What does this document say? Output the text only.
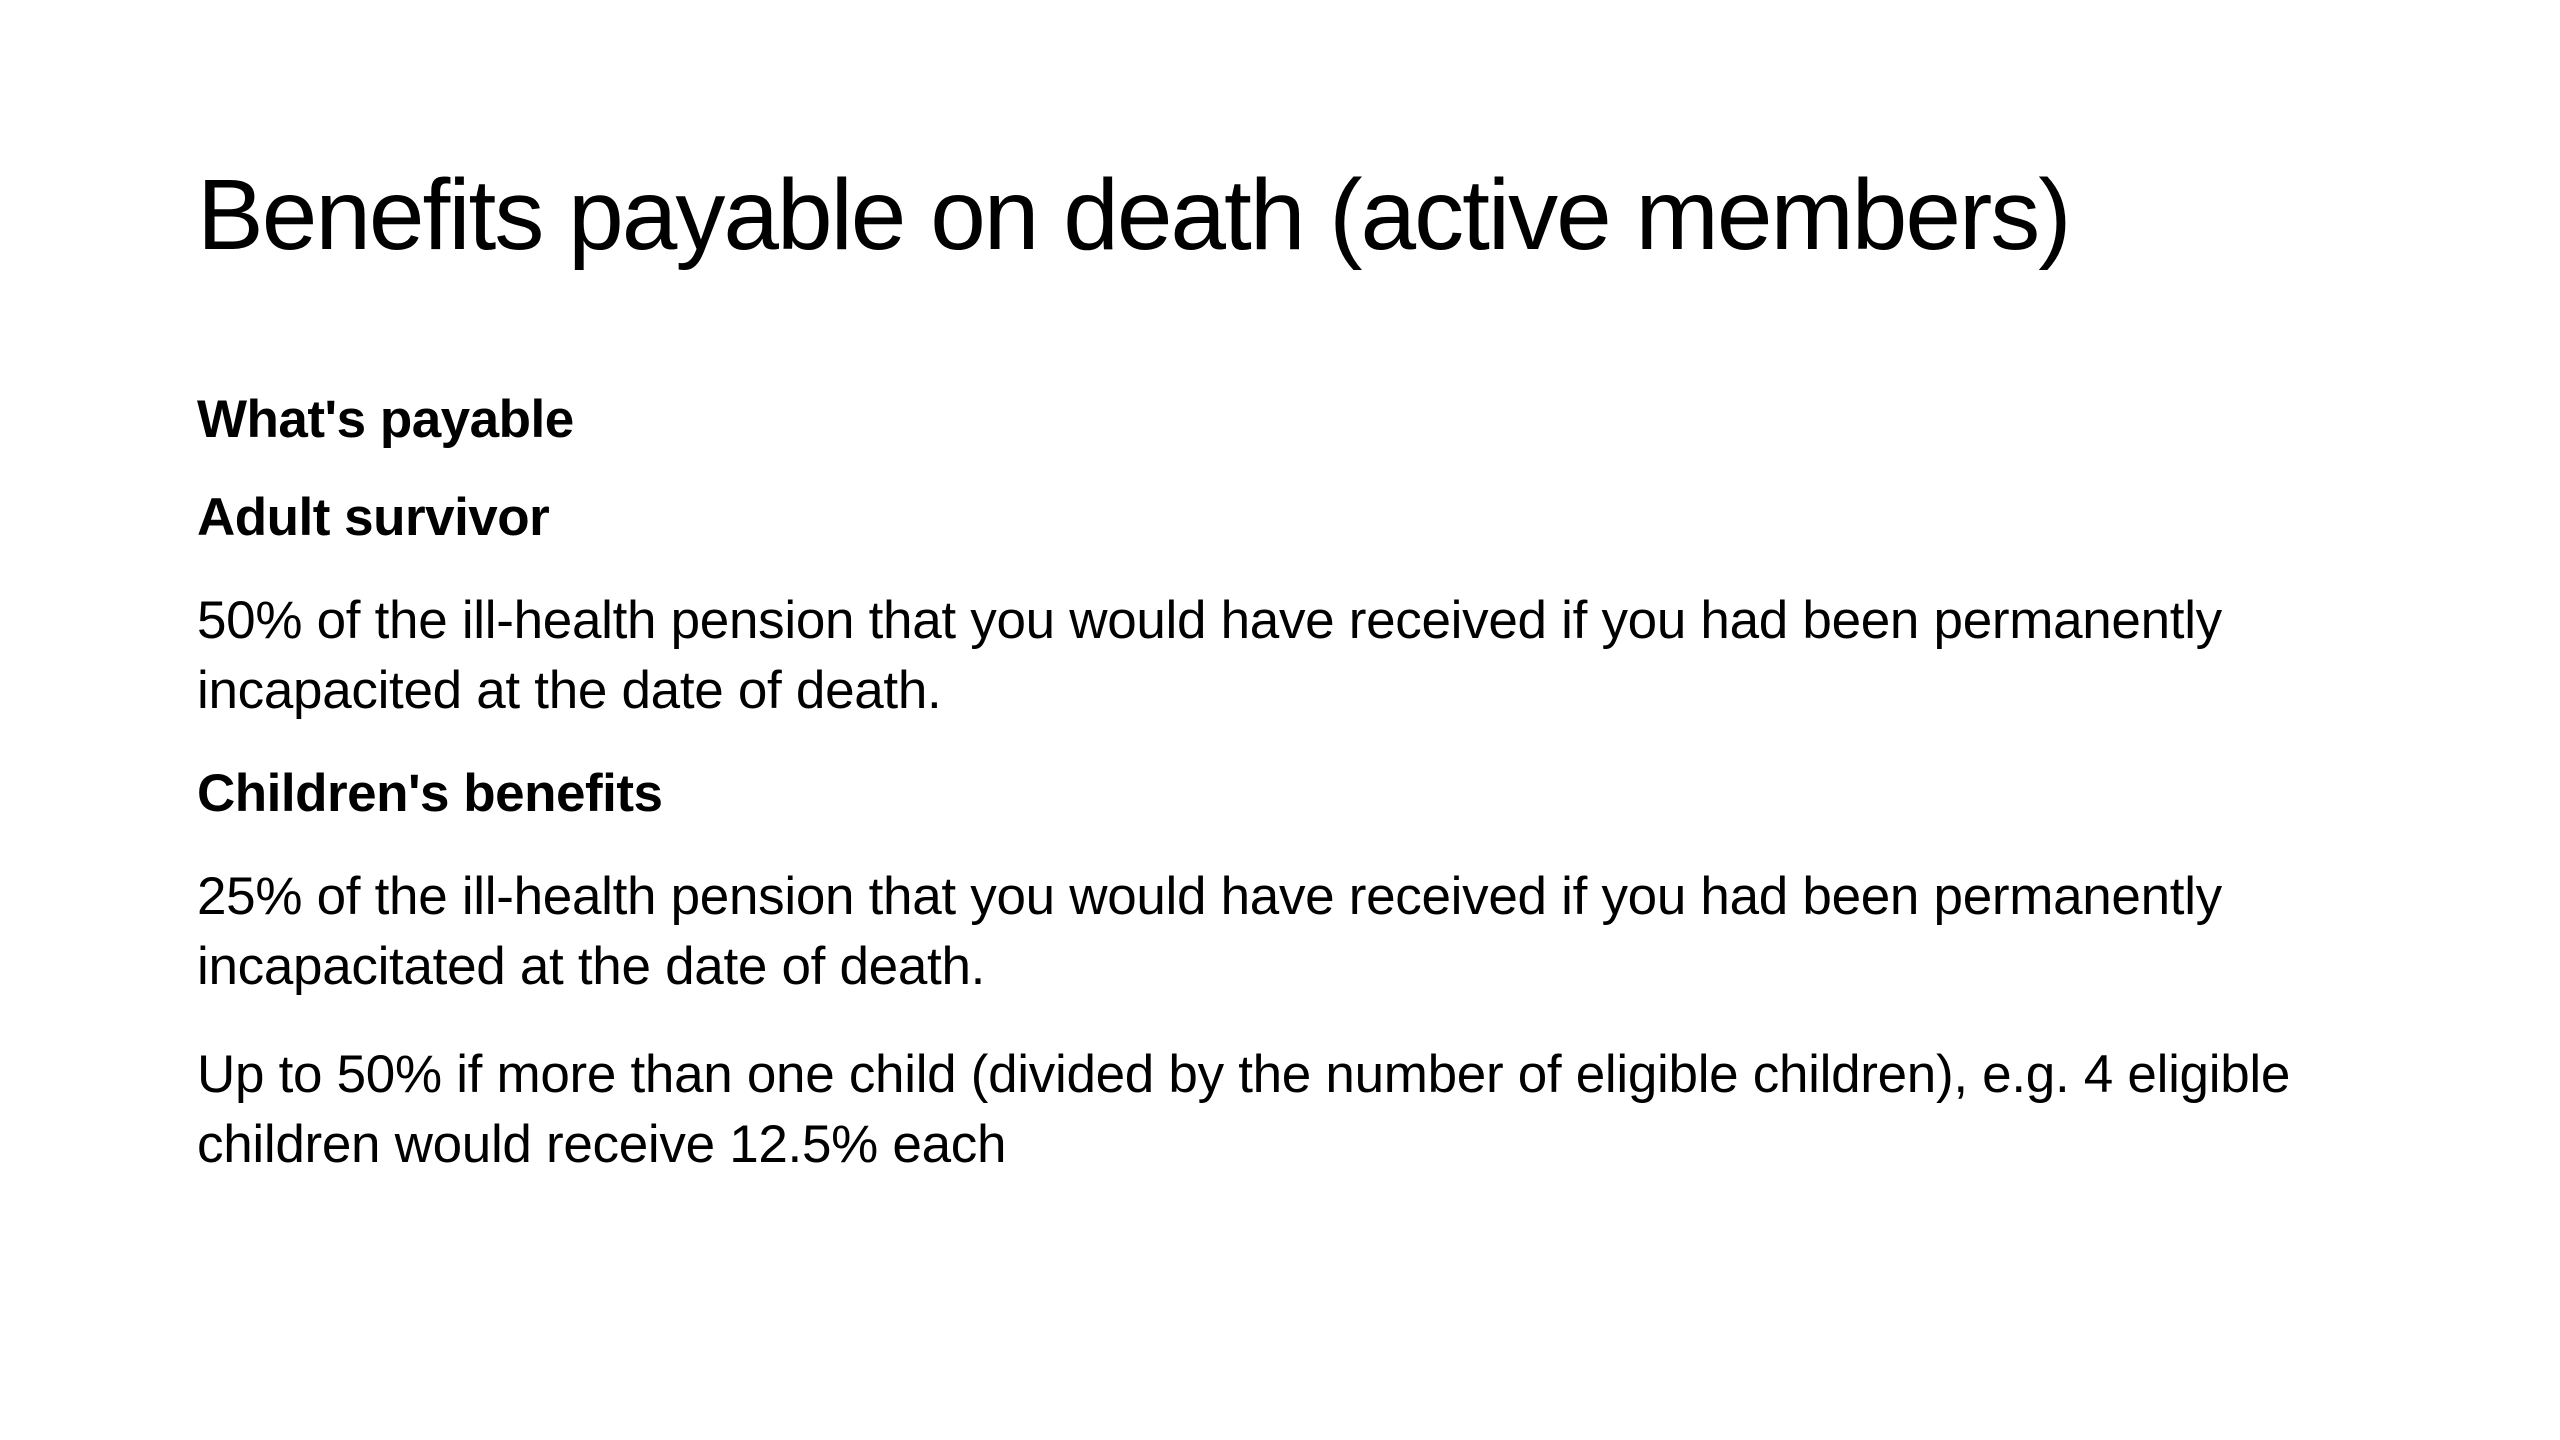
Benefits payable on death (active members)

What's payable

Adult survivor

50% of the ill-health pension that you would have received if you had been permanently incapacited at the date of death.

Children's benefits

25% of the ill-health pension that you would have received if you had been permanently incapacitated at the date of death.

Up to 50% if more than one child (divided by the number of eligible children), e.g. 4 eligible children would receive 12.5% each
